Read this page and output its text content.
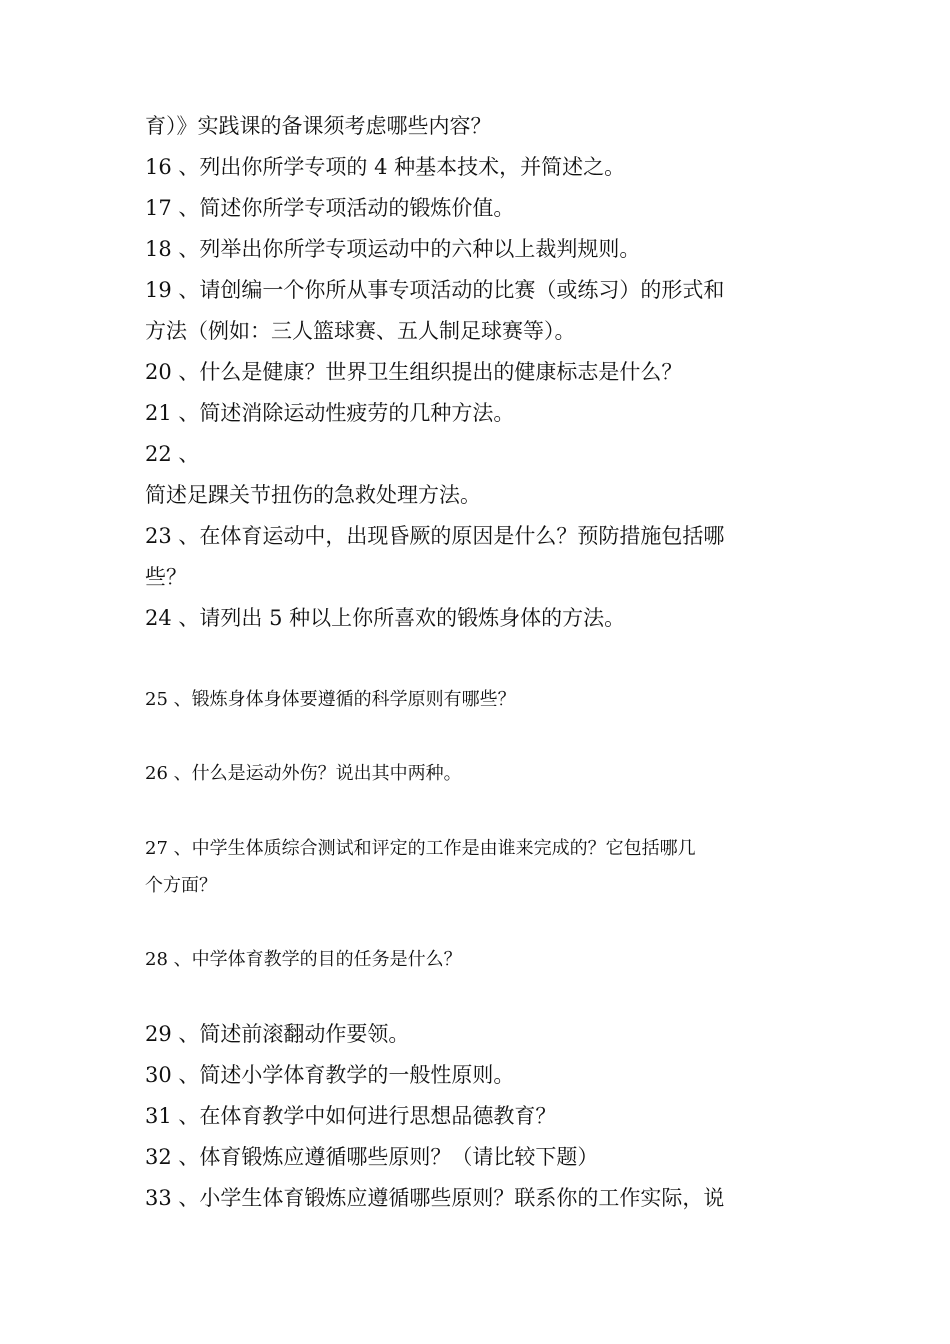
育）》实践课的备课须考虑哪些内容？
16 、列出你所学专项的 4 种基本技术，并简述之。
17 、简述你所学专项活动的锻炼价值。
18 、列举出你所学专项运动中的六种以上裁判规则。
19 、请创编一个你所从事专项活动的比赛（或练习）的形式和
方法（例如：三人篮球赛、五人制足球赛等）。
20 、什么是健康？世界卫生组织提出的健康标志是什么？
21 、简述消除运动性疲劳的几种方法。
22 、
简述足踝关节扭伤的急救处理方法。
23 、在体育运动中，出现昏厥的原因是什么？预防措施包括哪
些？
24 、请列出 5 种以上你所喜欢的锻炼身体的方法。
25 、锻炼身体身体要遵循的科学原则有哪些？
26 、什么是运动外伤？说出其中两种。
27 、中学生体质综合测试和评定的工作是由谁来完成的？它包括哪几
个方面？
28 、中学体育教学的目的任务是什么？
29 、简述前滚翻动作要领。
30 、简述小学体育教学的一般性原则。
31 、在体育教学中如何进行思想品德教育？
32 、体育锻炼应遵循哪些原则？（请比较下题）
33 、小学生体育锻炼应遵循哪些原则？联系你的工作实际，说
